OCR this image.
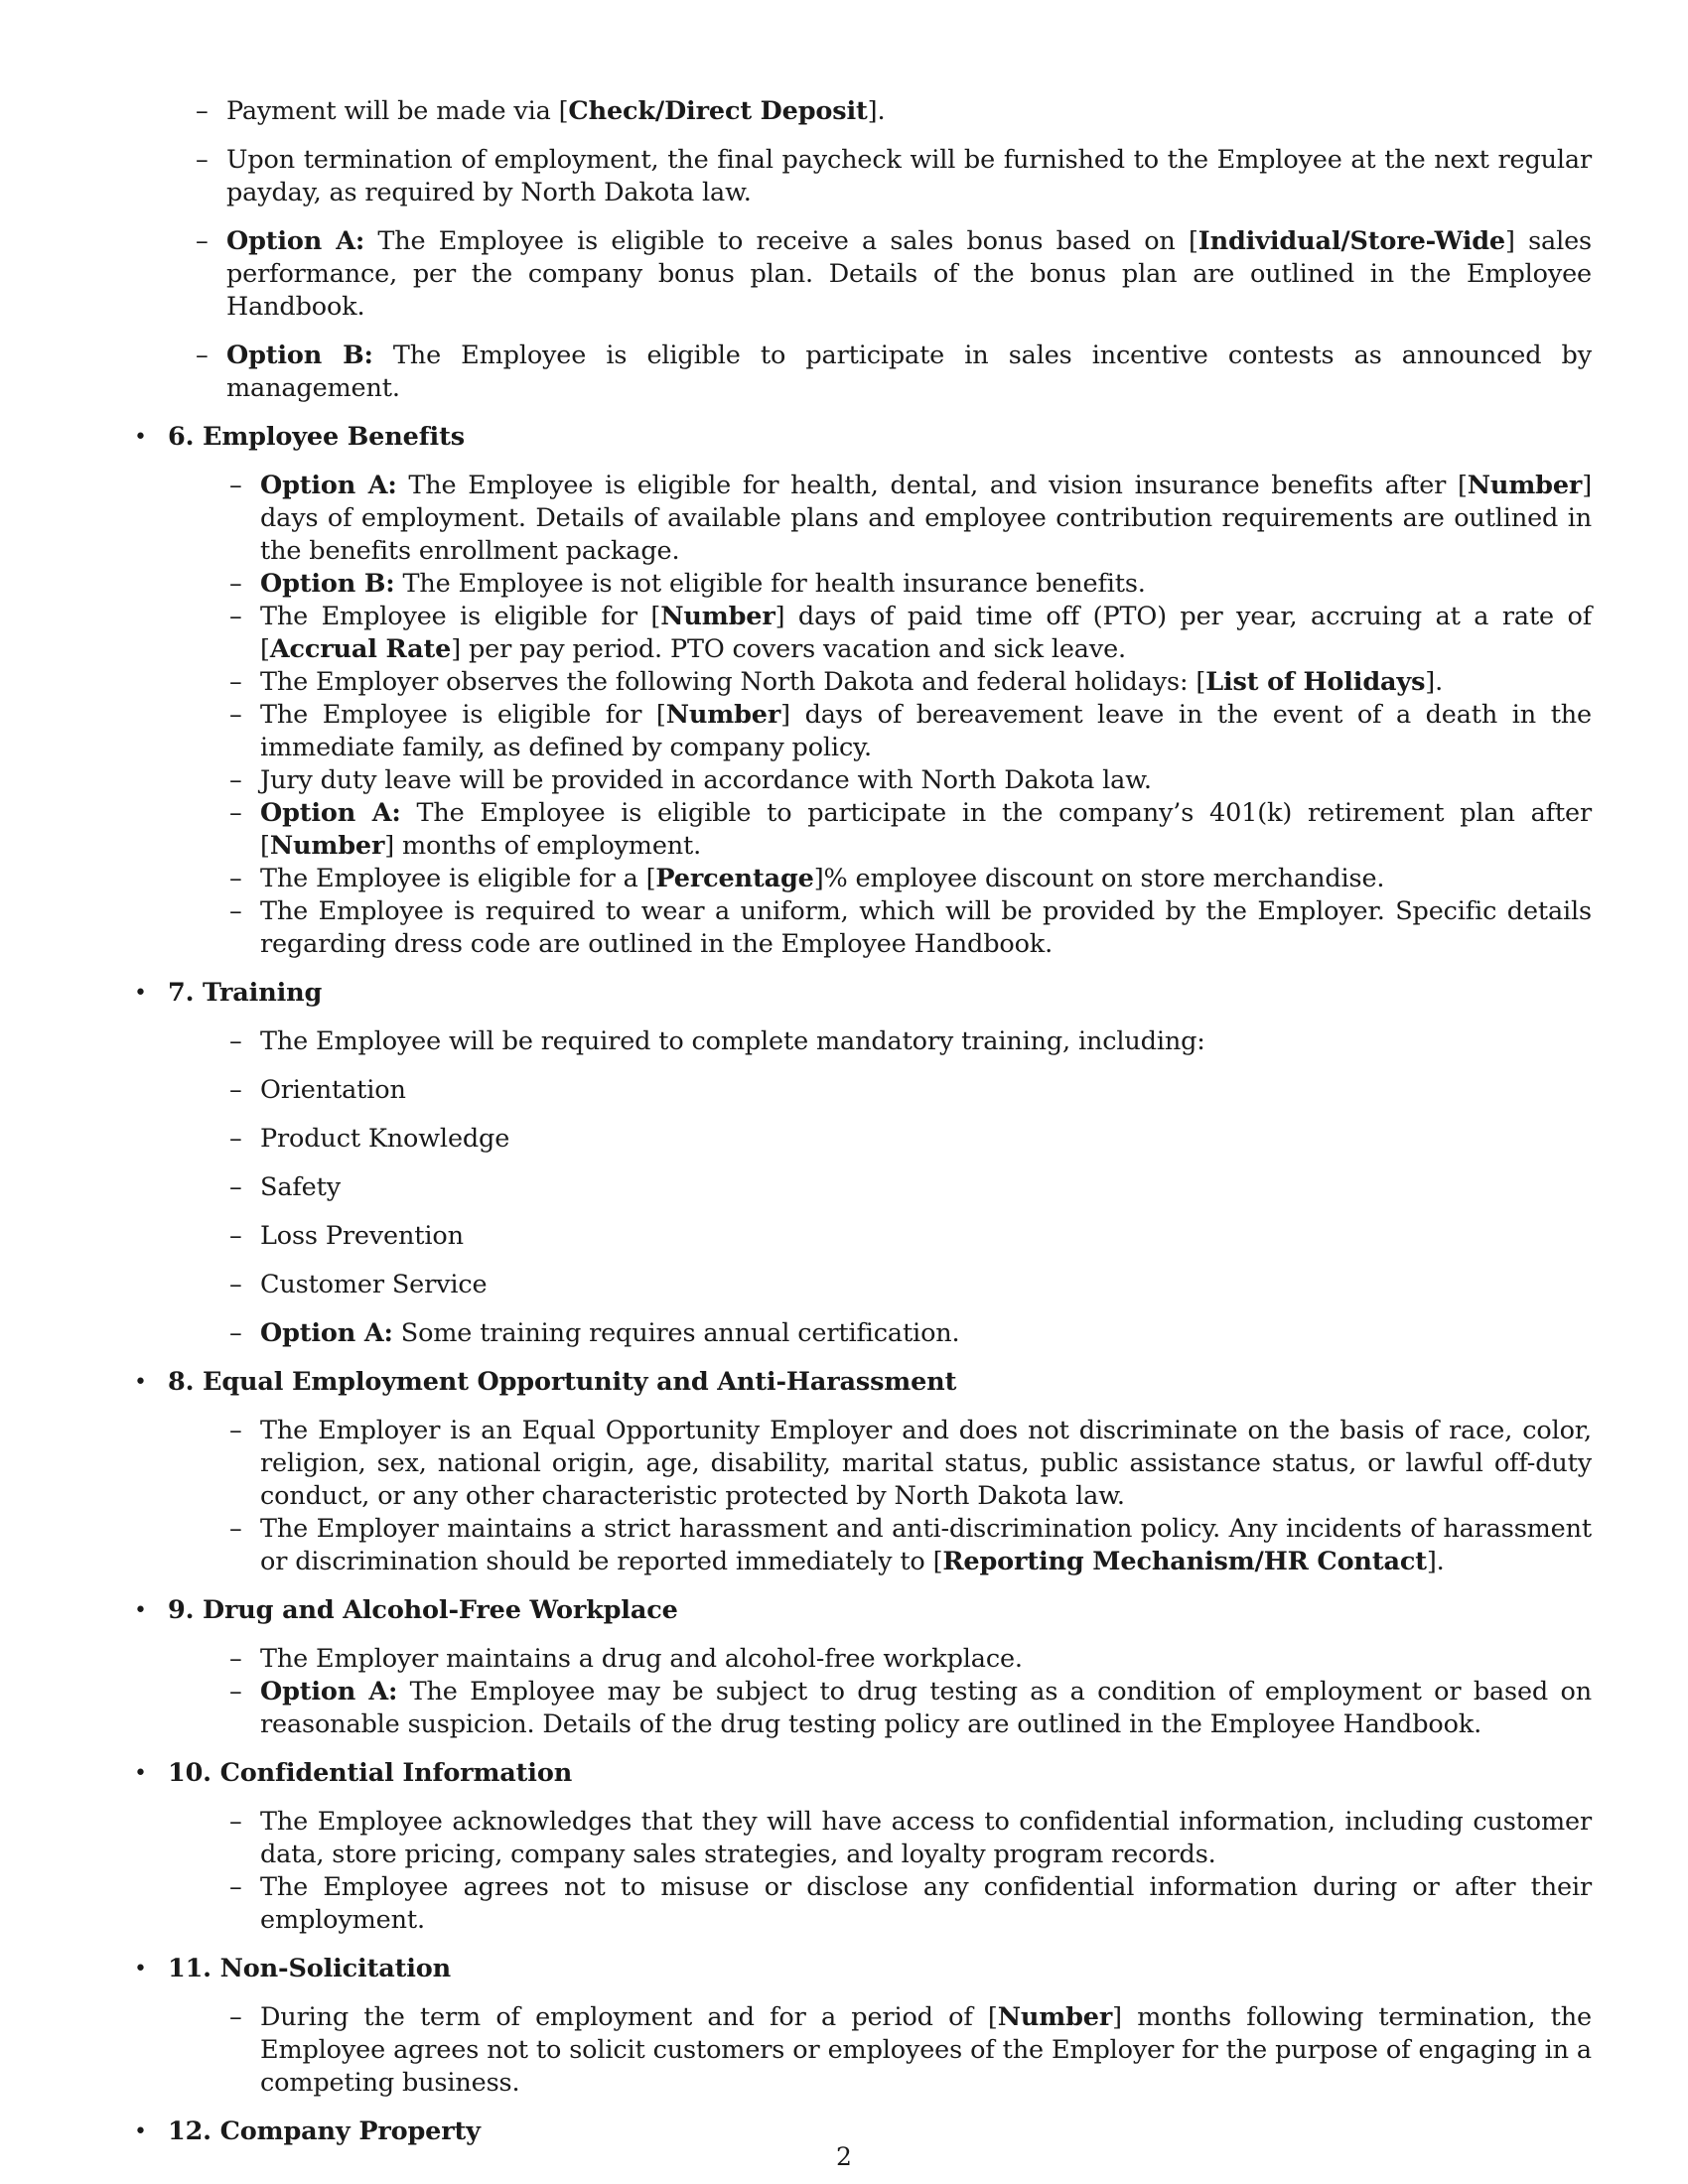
– Payment will be made via [Check/Direct Deposit].
– Upon termination of employment, the final paycheck will be furnished to the Employee at the next regular payday, as required by North Dakota law.
– Option A: The Employee is eligible to receive a sales bonus based on [Individual/Store-Wide] sales performance, per the company bonus plan. Details of the bonus plan are outlined in the Employee Handbook.
– Option B: The Employee is eligible to participate in sales incentive contests as announced by management.
• 6. Employee Benefits
– Option A: The Employee is eligible for health, dental, and vision insurance benefits after [Number] days of employment. Details of available plans and employee contribution requirements are outlined in the benefits enrollment package.
– Option B: The Employee is not eligible for health insurance benefits.
– The Employee is eligible for [Number] days of paid time off (PTO) per year, accruing at a rate of [Accrual Rate] per pay period. PTO covers vacation and sick leave.
– The Employer observes the following North Dakota and federal holidays: [List of Holidays].
– The Employee is eligible for [Number] days of bereavement leave in the event of a death in the immediate family, as defined by company policy.
– Jury duty leave will be provided in accordance with North Dakota law.
– Option A: The Employee is eligible to participate in the company’s 401(k) retirement plan after [Number] months of employment.
– The Employee is eligible for a [Percentage]% employee discount on store merchandise.
– The Employee is required to wear a uniform, which will be provided by the Employer. Specific details regarding dress code are outlined in the Employee Handbook.
• 7. Training
– The Employee will be required to complete mandatory training, including:
– Orientation
– Product Knowledge
– Safety
– Loss Prevention
– Customer Service
– Option A: Some training requires annual certification.
• 8. Equal Employment Opportunity and Anti-Harassment
– The Employer is an Equal Opportunity Employer and does not discriminate on the basis of race, color, religion, sex, national origin, age, disability, marital status, public assistance status, or lawful off-duty conduct, or any other characteristic protected by North Dakota law.
– The Employer maintains a strict harassment and anti-discrimination policy. Any incidents of harassment or discrimination should be reported immediately to [Reporting Mechanism/HR Contact].
• 9. Drug and Alcohol-Free Workplace
– The Employer maintains a drug and alcohol-free workplace.
– Option A: The Employee may be subject to drug testing as a condition of employment or based on reasonable suspicion. Details of the drug testing policy are outlined in the Employee Handbook.
• 10. Confidential Information
– The Employee acknowledges that they will have access to confidential information, including customer data, store pricing, company sales strategies, and loyalty program records.
– The Employee agrees not to misuse or disclose any confidential information during or after their employment.
• 11. Non-Solicitation
– During the term of employment and for a period of [Number] months following termination, the Employee agrees not to solicit customers or employees of the Employer for the purpose of engaging in a competing business.
• 12. Company Property
2
